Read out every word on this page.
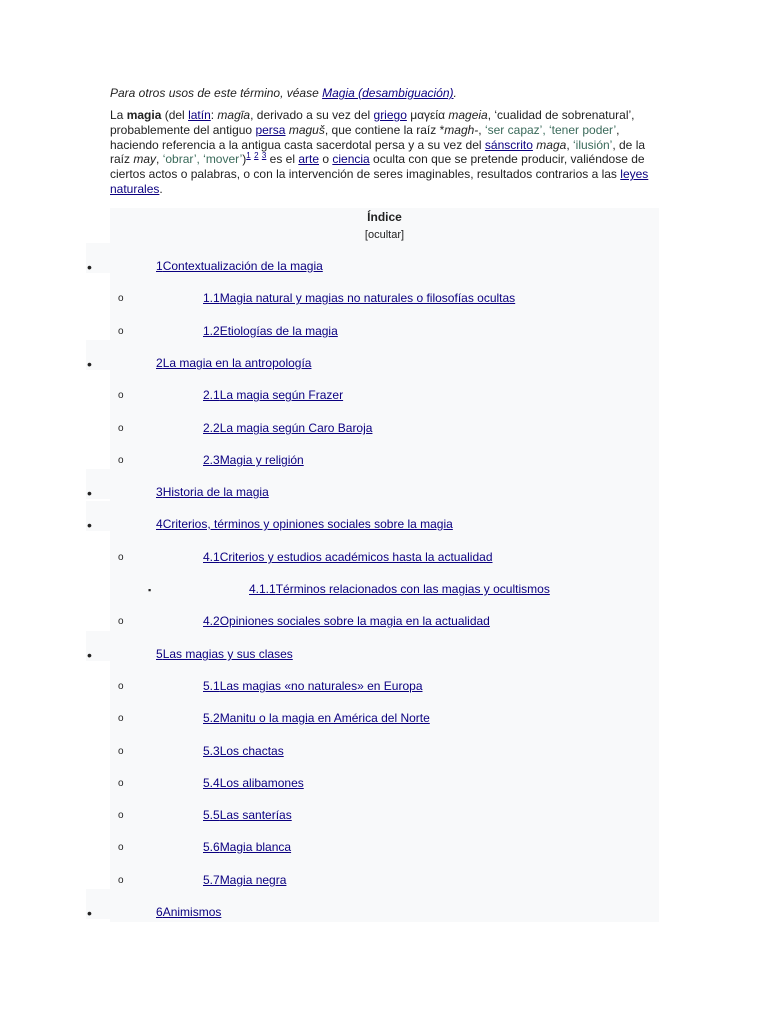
Para otros usos de este término, véase Magia (desambiguación).
La magia (del latín: magīa, derivado a su vez del griego μαγεία mageia, ‘cualidad de sobrenatural’, probablemente del antiguo persa maguš, que contiene la raíz *magh-, ‘ser capaz’, ‘tener poder’, haciendo referencia a la antigua casta sacerdotal persa y a su vez del sánscrito maga, ‘ilusión’, de la raíz may, ‘obrar’, ‘mover’)$^1$ $^2$ $^3$ es el arte o ciencia oculta con que se pretende producir, valiéndose de ciertos actos o palabras, o con la intervención de seres imaginables, resultados contrarios a las leyes naturales.
Índice
[ocultar]
•
1Contextualización de la magia
o
1.1Magia natural y magias no naturales o filosofías ocultas
o
1.2Etiologías de la magia
•
2La magia en la antropología
o
2.1La magia según Frazer
o
2.2La magia según Caro Baroja
o
2.3Magia y religión
•
3Historia de la magia
•
4Criterios, términos y opiniones sociales sobre la magia
o
4.1Criterios y estudios académicos hasta la actualidad
▪
4.1.1Términos relacionados con las magias y ocultismos
o
4.2Opiniones sociales sobre la magia en la actualidad
•
5Las magias y sus clases
o
5.1Las magias «no naturales» en Europa
o
5.2Manitu o la magia en América del Norte
o
5.3Los chactas
o
5.4Los alibamones
o
5.5Las santerías
o
5.6Magia blanca
o
5.7Magia negra
•
6Animismos
